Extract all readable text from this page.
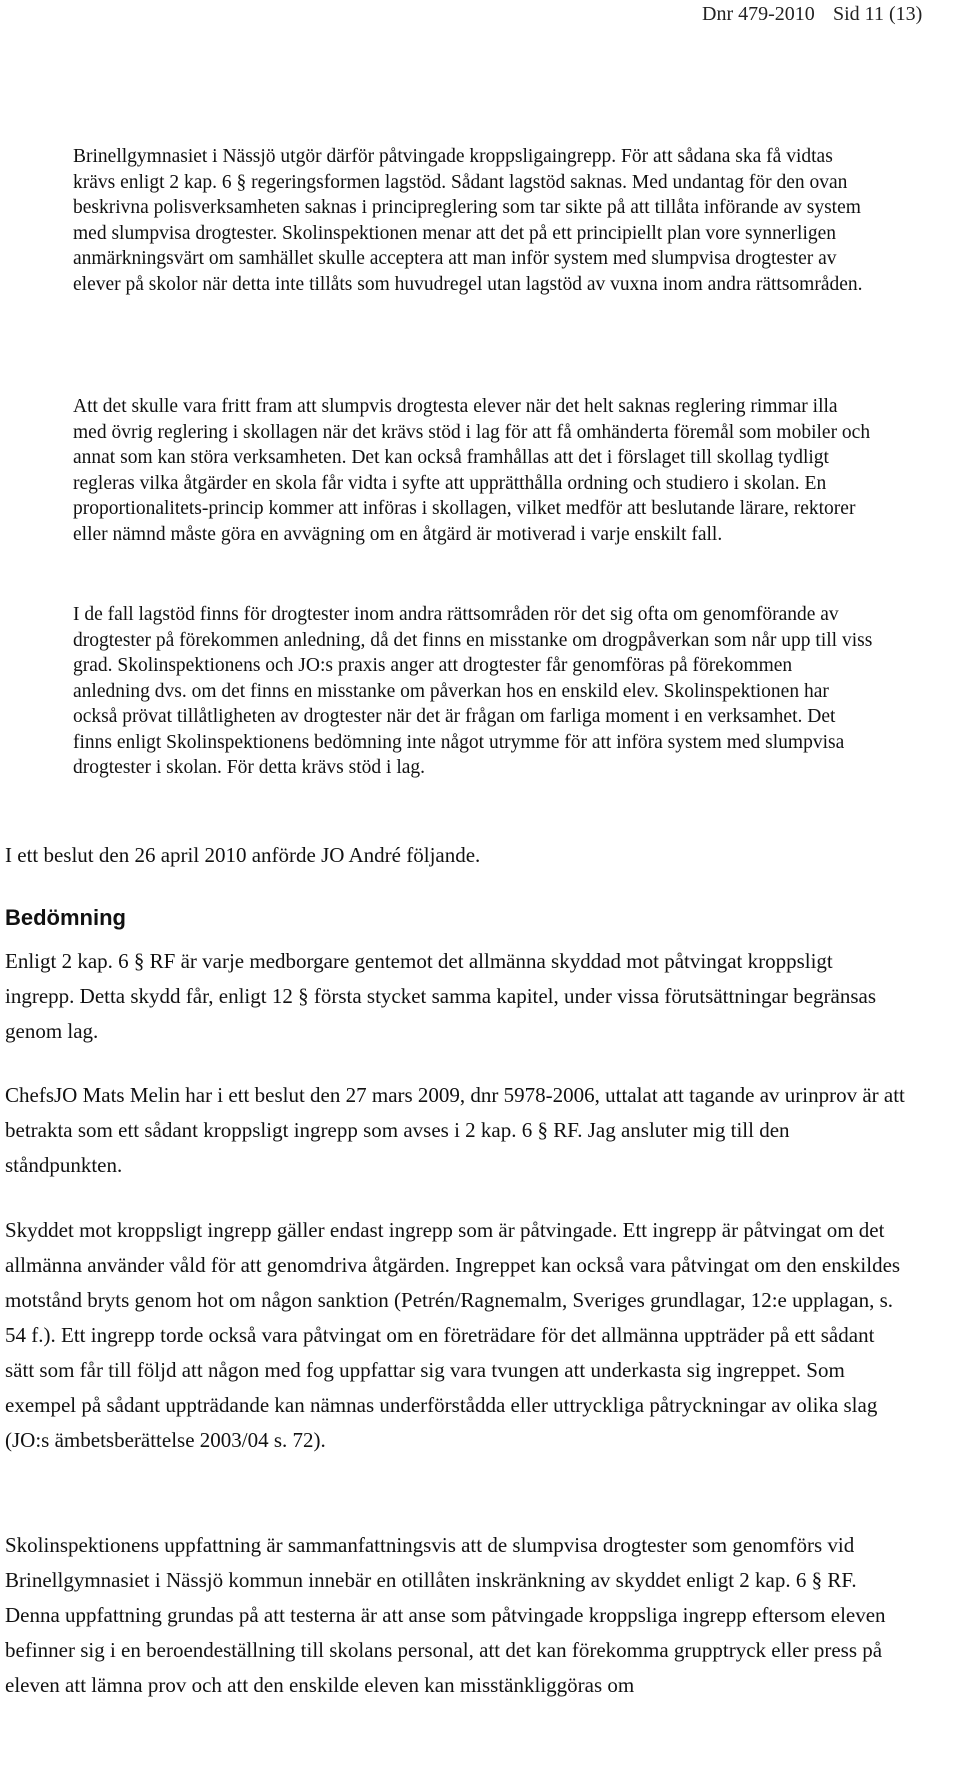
Dnr 479-2010 Sid 11 (13)

Brinellgymnasiet i Nässjö utgör därför påtvingade kroppsligaingrepp. För att sådana ska få vidtas krävs enligt 2 kap. 6 § regeringsformen lagstöd. Sådant lagstöd saknas. Med undantag för den ovan beskrivna polisverksamheten saknas i principreglering som tar sikte på att tillåta införande av system med slumpvisa drogtester. Skolinspektionen menar att det på ett principiellt plan vore synnerligen anmärkningsvärt om samhället skulle acceptera att man inför system med slumpvisa drogtester av elever på skolor när detta inte tillåts som huvudregel utan lagstöd av vuxna inom andra rättsområden.

Att det skulle vara fritt fram att slumpvis drogtesta elever när det helt saknas reglering rimmar illa med övrig reglering i skollagen när det krävs stöd i lag för att få omhänderta föremål som mobiler och annat som kan störa verksamheten. Det kan också framhållas att det i förslaget till skollag tydligt regleras vilka åtgärder en skola får vidta i syfte att upprätthålla ordning och studiero i skolan. En proportionalitets-princip kommer att införas i skollagen, vilket medför att beslutande lärare, rektorer eller nämnd måste göra en avvägning om en åtgärd är motiverad i varje enskilt fall.

I de fall lagstöd finns för drogtester inom andra rättsområden rör det sig ofta om genomförande av drogtester på förekommen anledning, då det finns en misstanke om drogpåverkan som når upp till viss grad. Skolinspektionens och JO:s praxis anger att drogtester får genomföras på förekommen anledning dvs. om det finns en misstanke om påverkan hos en enskild elev. Skolinspektionen har också prövat tillåtligheten av drogtester när det är frågan om farliga moment i en verksamhet. Det finns enligt Skolinspektionens bedömning inte något utrymme för att införa system med slumpvisa drogtester i skolan. För detta krävs stöd i lag.

I ett beslut den 26 april 2010 anförde JO André följande.

Bedömning

Enligt 2 kap. 6 § RF är varje medborgare gentemot det allmänna skyddad mot påtvingat kroppsligt ingrepp. Detta skydd får, enligt 12 § första stycket samma kapitel, under vissa förutsättningar begränsas genom lag.

ChefsJO Mats Melin har i ett beslut den 27 mars 2009, dnr 5978-2006, uttalat att tagande av urinprov är att betrakta som ett sådant kroppsligt ingrepp som avses i 2 kap. 6 § RF. Jag ansluter mig till den ståndpunkten.

Skyddet mot kroppsligt ingrepp gäller endast ingrepp som är påtvingade. Ett ingrepp är påtvingat om det allmänna använder våld för att genomdriva åtgärden. Ingreppet kan också vara påtvingat om den enskildes motstånd bryts genom hot om någon sanktion (Petrén/Ragnemalm, Sveriges grundlagar, 12:e upplagan, s. 54 f.). Ett ingrepp torde också vara påtvingat om en företrädare för det allmänna uppträder på ett sådant sätt som får till följd att någon med fog uppfattar sig vara tvungen att underkasta sig ingreppet. Som exempel på sådant uppträdande kan nämnas underförstådda eller uttryckliga påtryckningar av olika slag (JO:s ämbetsberättelse 2003/04 s. 72).

Skolinspektionens uppfattning är sammanfattningsvis att de slumpvisa drogtester som genomförs vid Brinellgymnasiet i Nässjö kommun innebär en otillåten inskränkning av skyddet enligt 2 kap. 6 § RF. Denna uppfattning grundas på att testerna är att anse som påtvingade kroppsliga ingrepp eftersom eleven befinner sig i en beroendeställning till skolans personal, att det kan förekomma grupptryck eller press på eleven att lämna prov och att den enskilde eleven kan misstänkliggöras om
